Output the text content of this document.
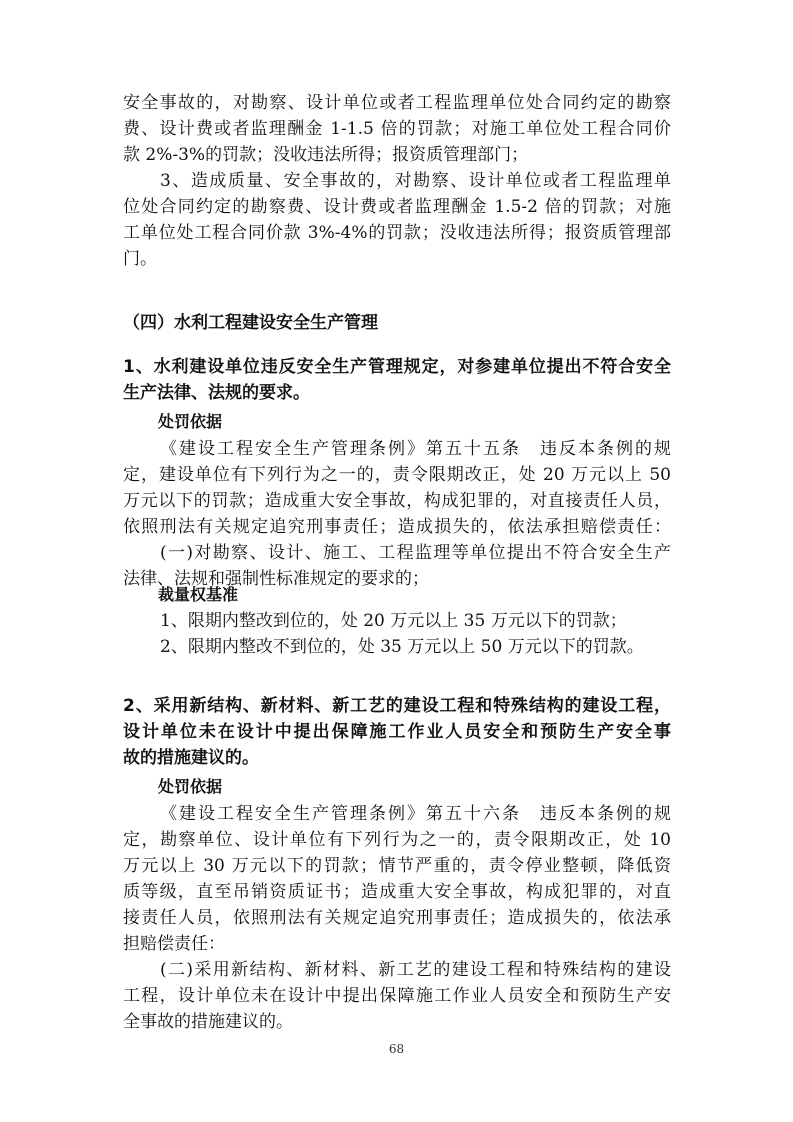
安全事故的，对勘察、设计单位或者工程监理单位处合同约定的勘察

费、设计费或者监理酬金 1-1.5 倍的罚款；对施工单位处工程合同价

款 2%-3%的罚款；没收违法所得；报资质管理部门；

3、造成质量、安全事故的，对勘察、设计单位或者工程监理单

位处合同约定的勘察费、设计费或者监理酬金 1.5-2 倍的罚款；对施

工单位处工程合同价款 3%-4%的罚款；没收违法所得；报资质管理部

门。

（四）水利工程建设安全生产管理

1、水利建设单位违反安全生产管理规定，对参建单位提出不符合安全

生产法律、法规的要求。

处罚依据

《建设工程安全生产管理条例》第五十五条　违反本条例的规

定，建设单位有下列行为之一的，责令限期改正，处 20 万元以上 50

万元以下的罚款；造成重大安全事故，构成犯罪的，对直接责任人员，

依照刑法有关规定追究刑事责任；造成损失的，依法承担赔偿责任：

(一)对勘察、设计、施工、工程监理等单位提出不符合安全生产

法律、法规和强制性标准规定的要求的；

裁量权基准

1、限期内整改到位的，处 20 万元以上 35 万元以下的罚款；

2、限期内整改不到位的，处 35 万元以上 50 万元以下的罚款。

2、采用新结构、新材料、新工艺的建设工程和特殊结构的建设工程，

设计单位未在设计中提出保障施工作业人员安全和预防生产安全事

故的措施建议的。

处罚依据

《建设工程安全生产管理条例》第五十六条　违反本条例的规

定，勘察单位、设计单位有下列行为之一的，责令限期改正，处 10

万元以上 30 万元以下的罚款；情节严重的，责令停业整顿，降低资

质等级，直至吊销资质证书；造成重大安全事故，构成犯罪的，对直

接责任人员，依照刑法有关规定追究刑事责任；造成损失的，依法承

担赔偿责任：

(二)采用新结构、新材料、新工艺的建设工程和特殊结构的建设

工程，设计单位未在设计中提出保障施工作业人员安全和预防生产安

全事故的措施建议的。

68
